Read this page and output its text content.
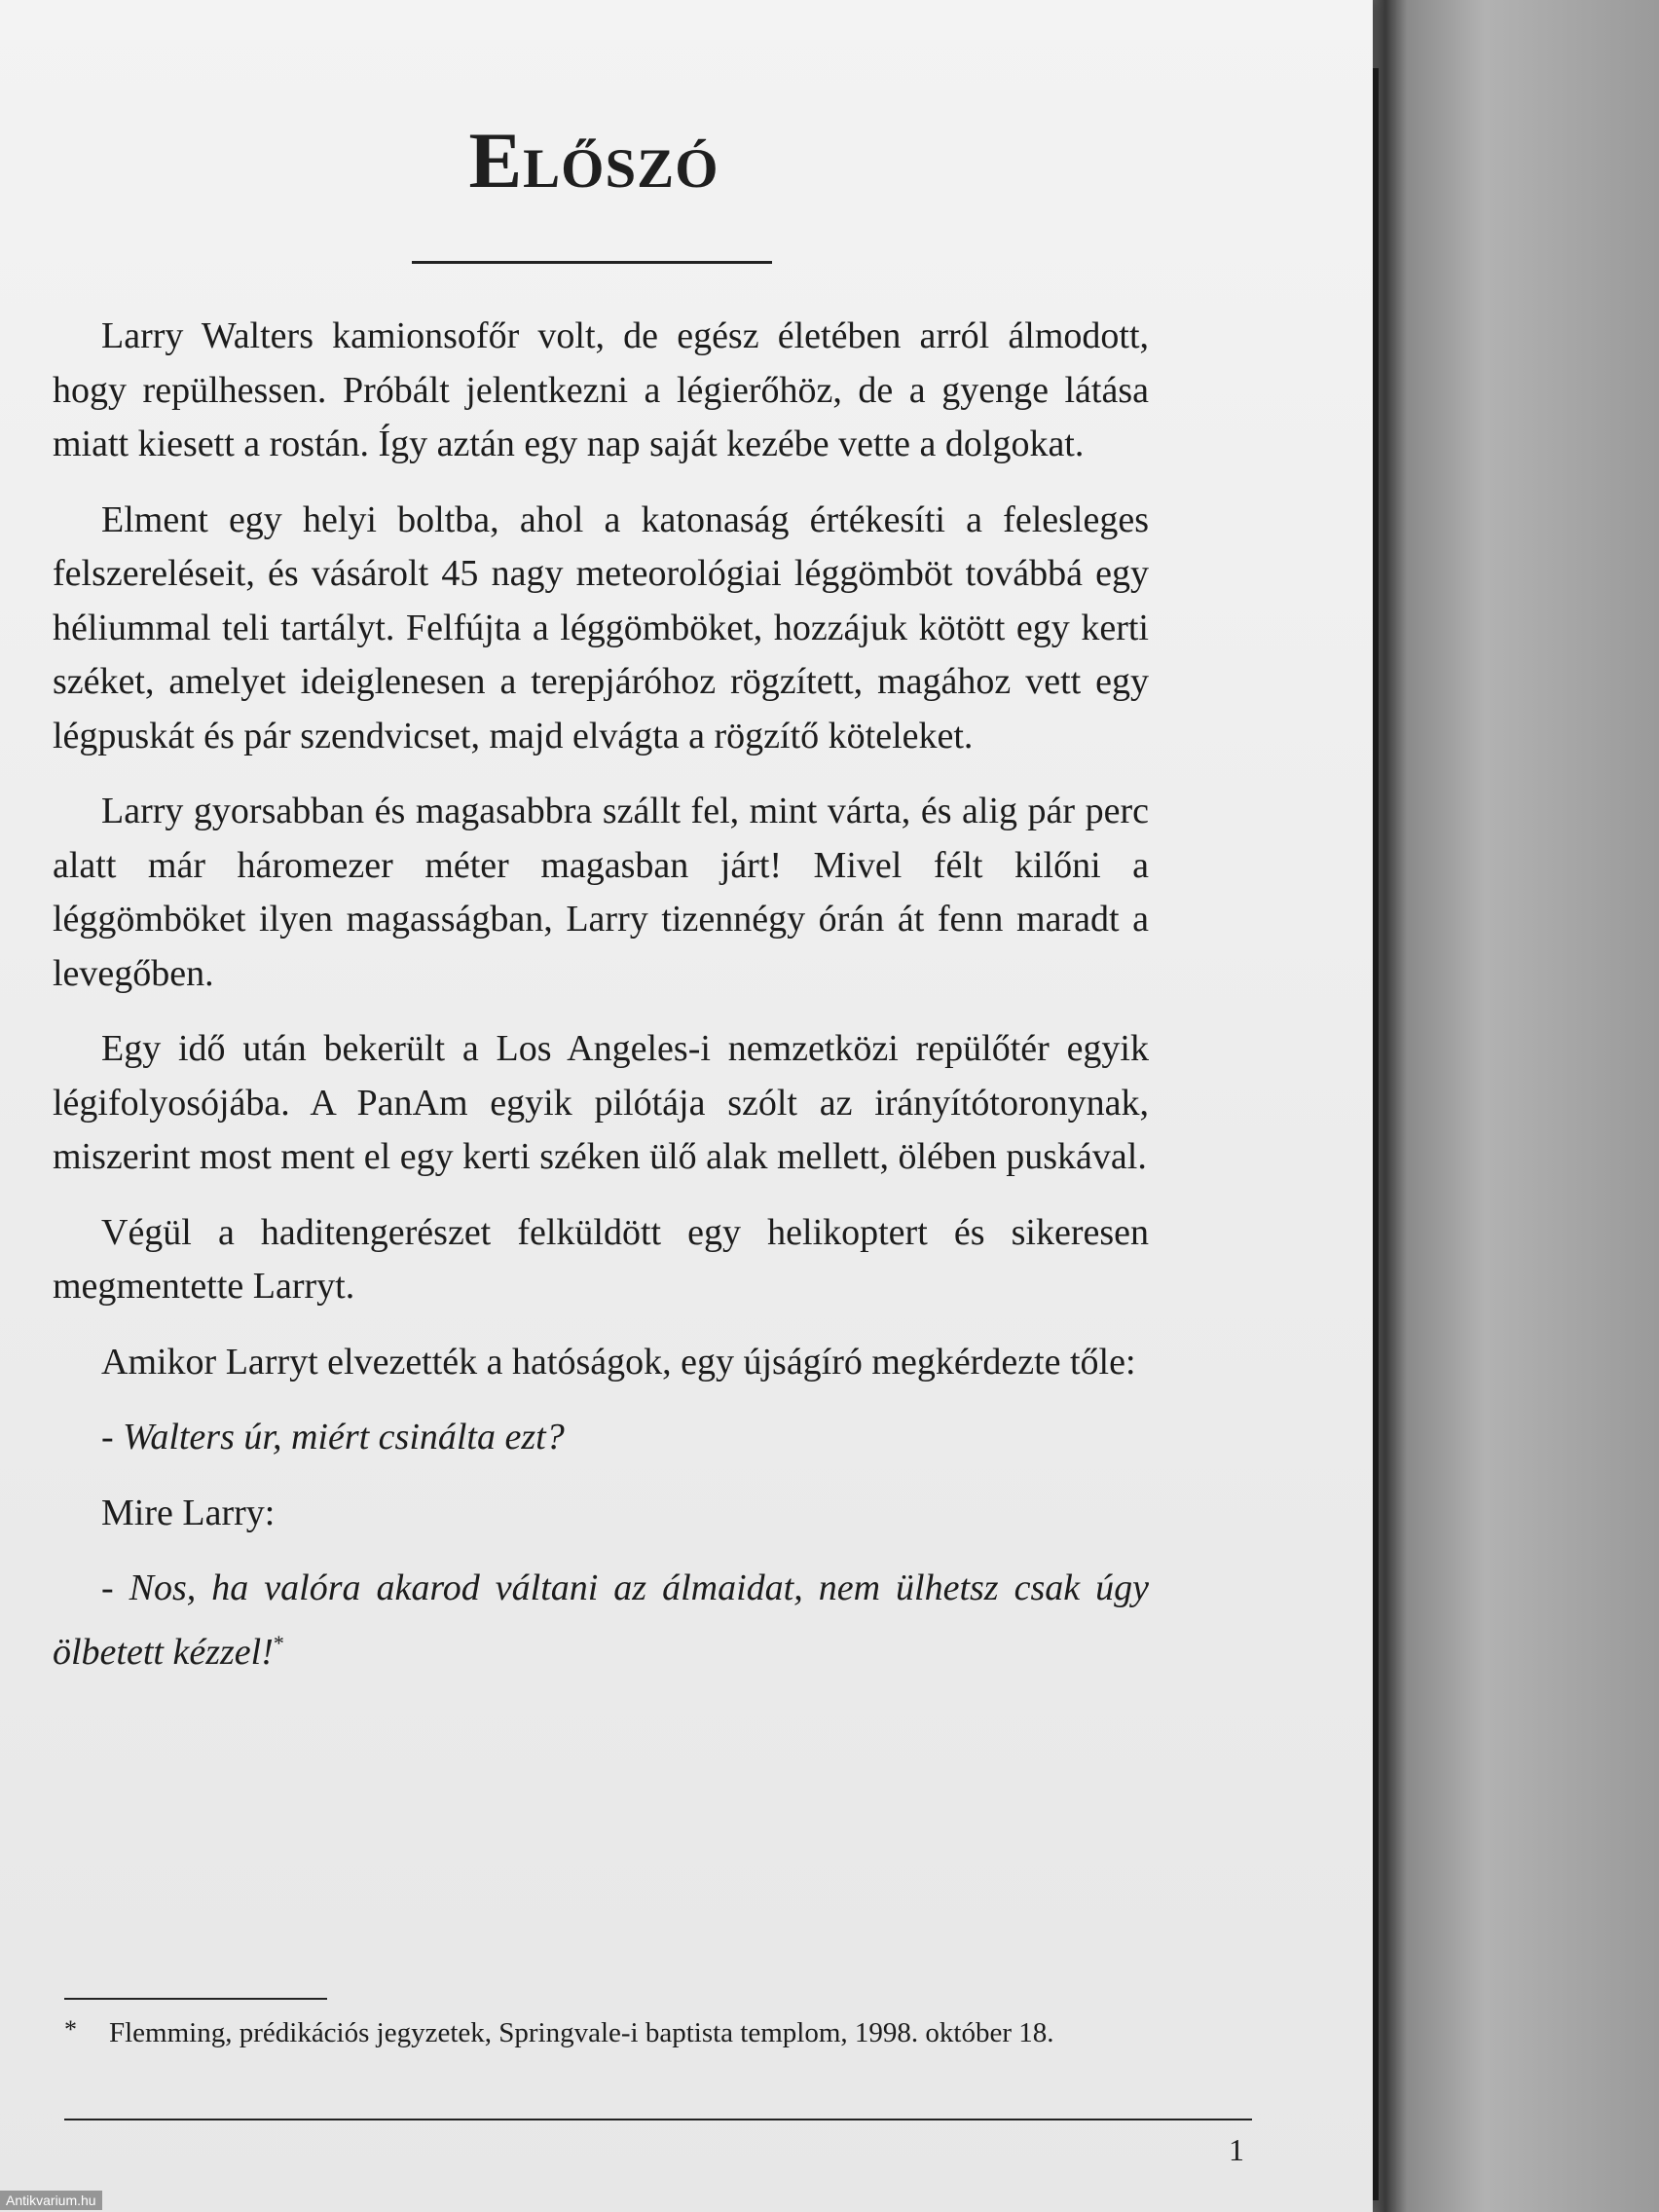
Előszó

Larry Walters kamionsofőr volt, de egész életében arról álmodott, hogy repülhessen. Próbált jelentkezni a légierőhöz, de a gyenge látása miatt kiesett a rostán. Így aztán egy nap saját kezébe vette a dolgokat.

Elment egy helyi boltba, ahol a katonaság értékesíti a felesleges felszereléseit, és vásárolt 45 nagy meteorológiai léggömböt továbbá egy héliummal teli tartályt. Felfújta a léggömböket, hozzájuk kötött egy kerti széket, amelyet ideiglenesen a terepjáróhoz rögzített, magához vett egy légpuskát és pár szendvicset, majd elvágta a rögzítő köteleket.

Larry gyorsabban és magasabbra szállt fel, mint várta, és alig pár perc alatt már háromezer méter magasban járt! Mivel félt kilőni a léggömböket ilyen magasságban, Larry tizennégy órán át fenn maradt a levegőben.

Egy idő után bekerült a Los Angeles-i nemzetközi repülőtér egyik légifolyosójába. A PanAm egyik pilótája szólt az irányítótoronynak, miszerint most ment el egy kerti széken ülő alak mellett, ölében puskával.

Végül a haditengerészet felküldött egy helikoptert és sikeresen megmentette Larryt.

Amikor Larryt elvezették a hatóságok, egy újságíró megkérdezte tőle:

- Walters úr, miért csinálta ezt?

Mire Larry:

- Nos, ha valóra akarod váltani az álmaidat, nem ülhetsz csak úgy ölbetett kézzel!*

* Flemming, prédikációs jegyzetek, Springvale-i baptista templom, 1998. október 18.
1
Antikvarium.hu
